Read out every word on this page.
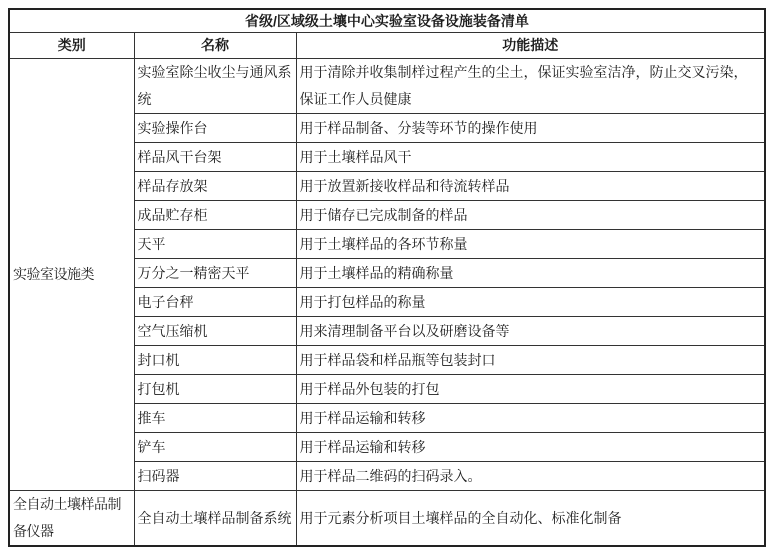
省级/区域级土壤中心实验室设备设施装备清单		
类别	名称	功能描述
实验室设施类	实验室除尘收尘与通风系统	用于清除并收集制样过程产生的尘土，保证实验室洁净，防止交叉污染，保证工作人员健康
	实验操作台	用于样品制备、分装等环节的操作使用
	样品风干台架	用于土壤样品风干
	样品存放架	用于放置新接收样品和待流转样品
	成品贮存柜	用于储存已完成制备的样品
	天平	用于土壤样品的各环节称量
	万分之一精密天平	用于土壤样品的精确称量
	电子台秤	用于打包样品的称量
	空气压缩机	用来清理制备平台以及研磨设备等
	封口机	用于样品袋和样品瓶等包装封口
	打包机	用于样品外包装的打包
	推车	用于样品运输和转移
	铲车	用于样品运输和转移
	扫码器	用于样品二维码的扫码录入。
全自动土壤样品制备仪器	全自动土壤样品制备系统	用于元素分析项目土壤样品的全自动化、标准化制备
